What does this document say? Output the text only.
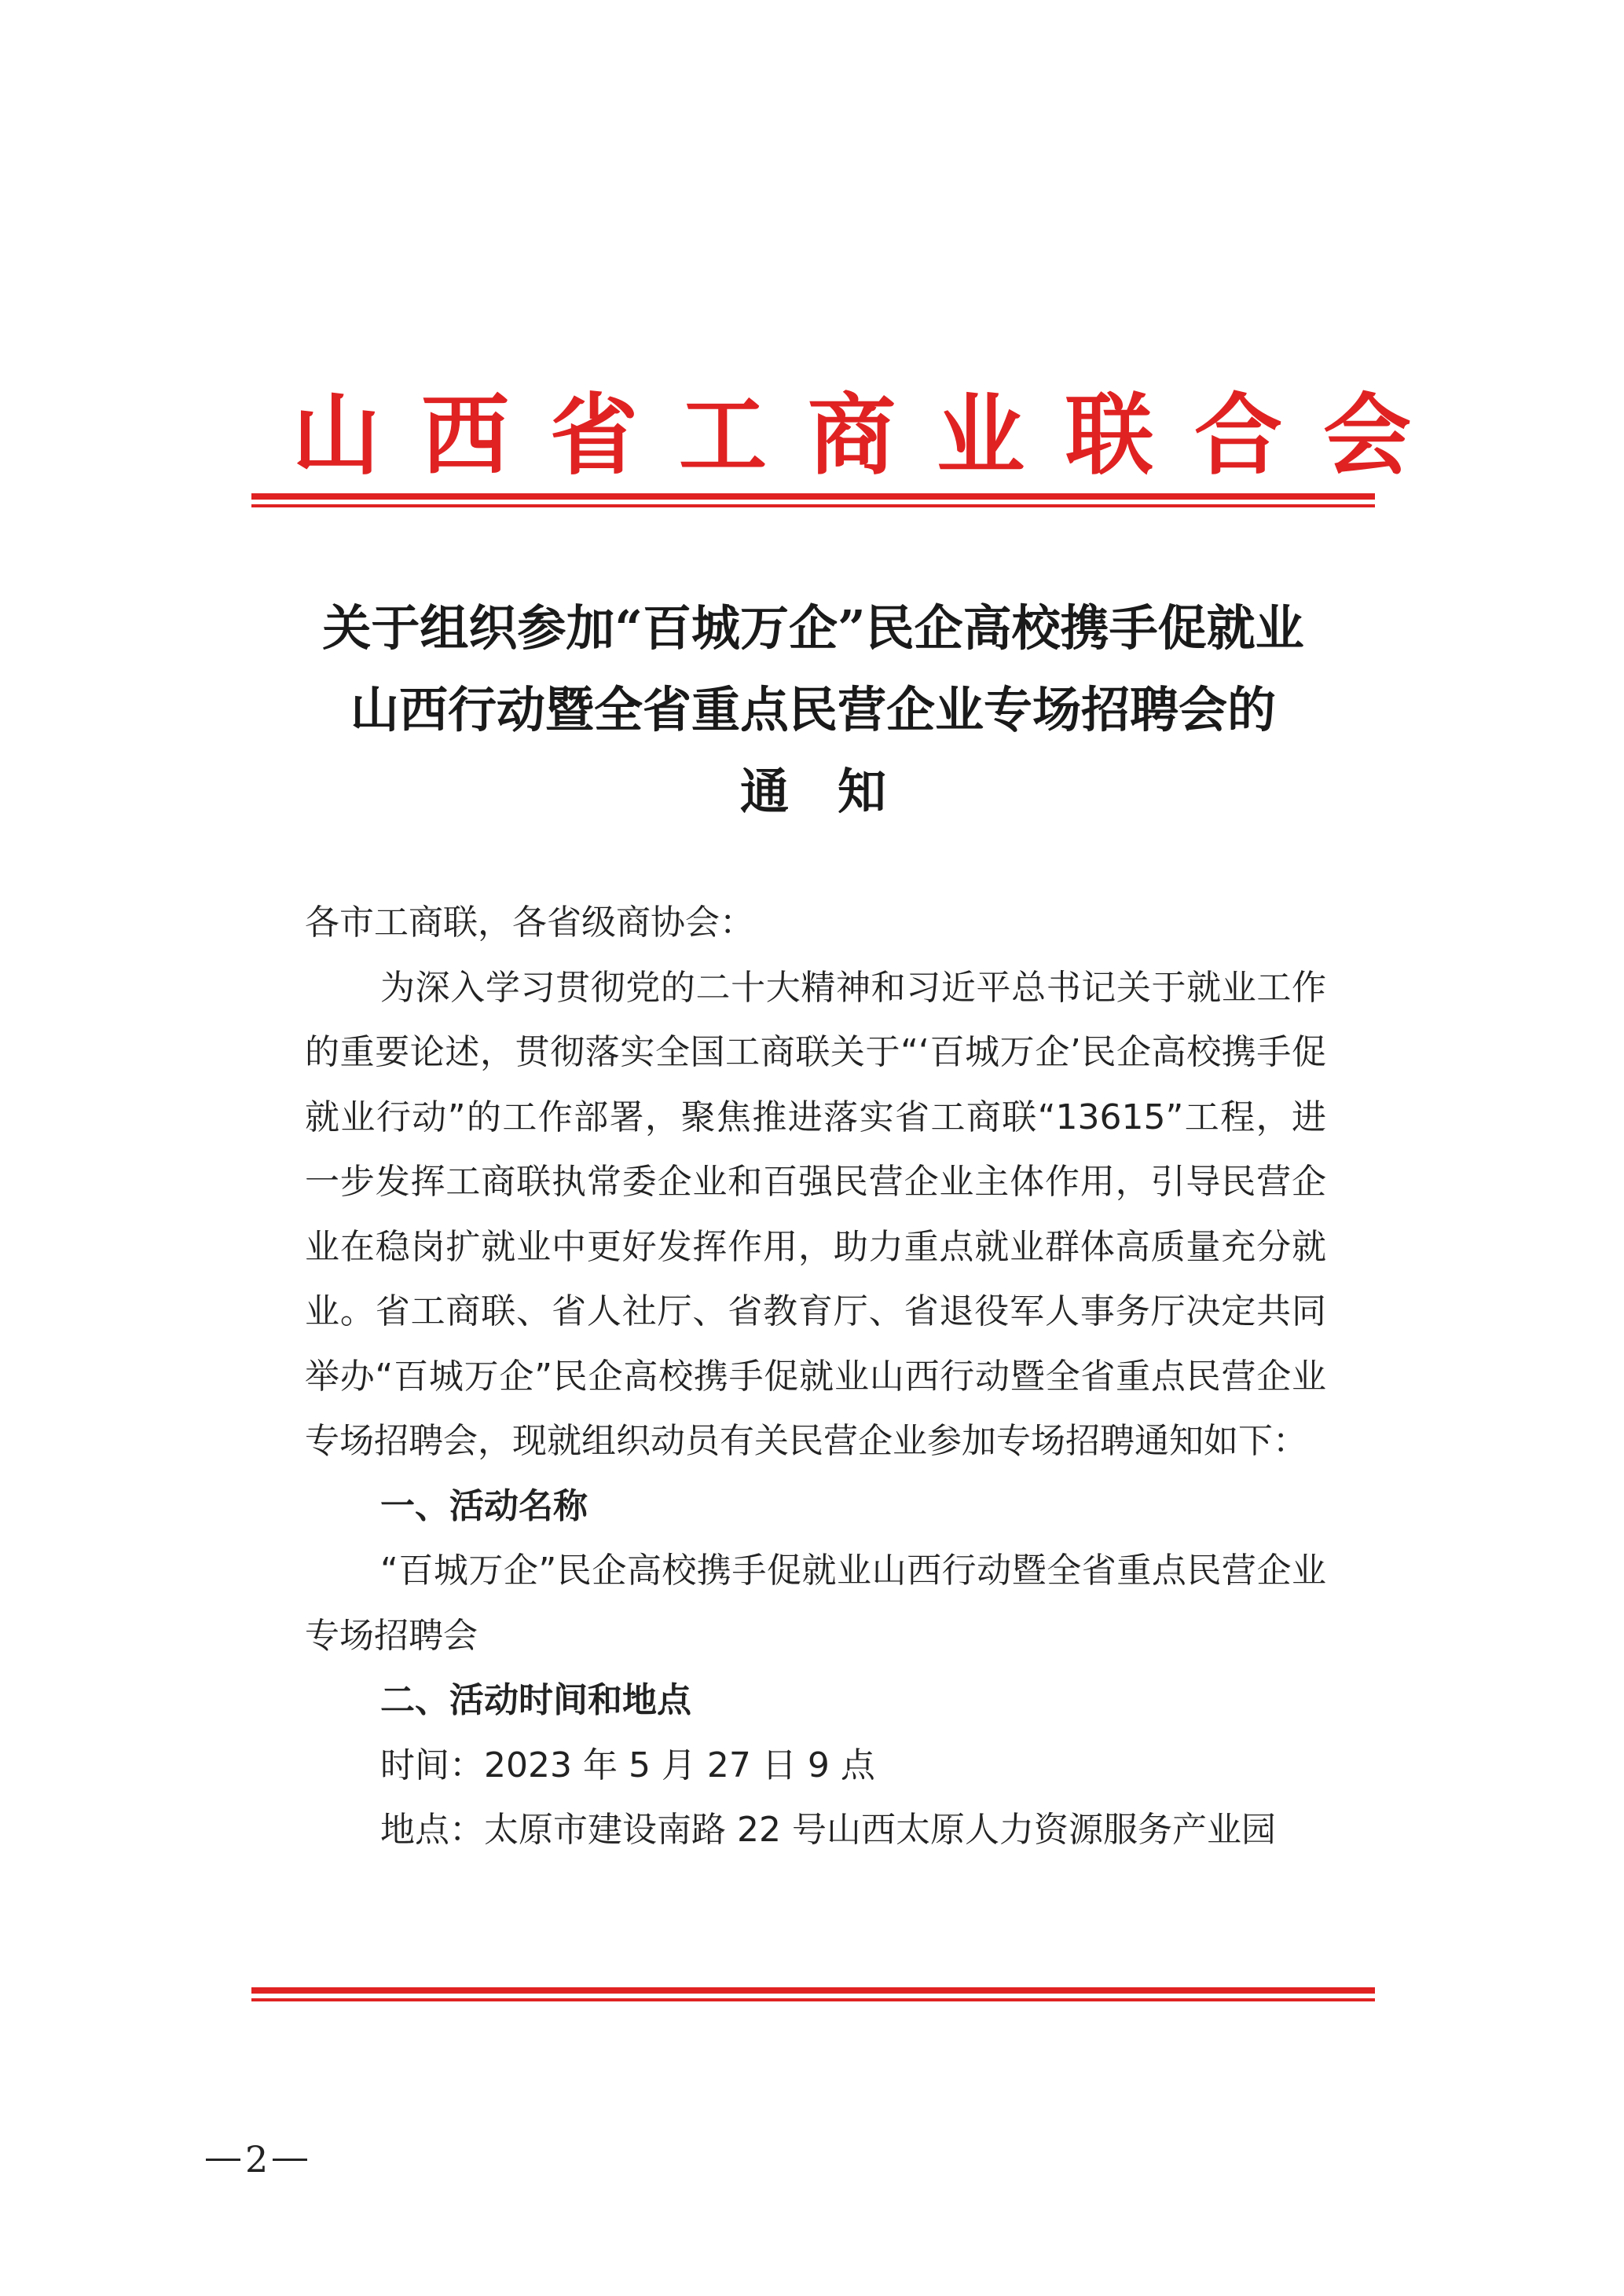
山西省工商业联合会
关于组织参加“百城万企”民企高校携手促就业
山西行动暨全省重点民营企业专场招聘会的
通知

各市工商联，各省级商协会：

为深入学习贯彻党的二十大精神和习近平总书记关于就业工作的重要论述，贯彻落实全国工商联关于“‘百城万企’民企高校携手促就业行动”的工作部署，聚焦推进落实省工商联“13615”工程，进一步发挥工商联执常委企业和百强民营企业主体作用，引导民营企业在稳岗扩就业中更好发挥作用，助力重点就业群体高质量充分就业。省工商联、省人社厅、省教育厅、省退役军人事务厅决定共同举办“百城万企”民企高校携手促就业山西行动暨全省重点民营企业专场招聘会，现就组织动员有关民营企业参加专场招聘通知如下：

一、活动名称

“百城万企”民企高校携手促就业山西行动暨全省重点民营企业专场招聘会

二、活动时间和地点

时间：2023 年 5 月 27 日 9 点

地点：太原市建设南路 22 号山西太原人力资源服务产业园

2
